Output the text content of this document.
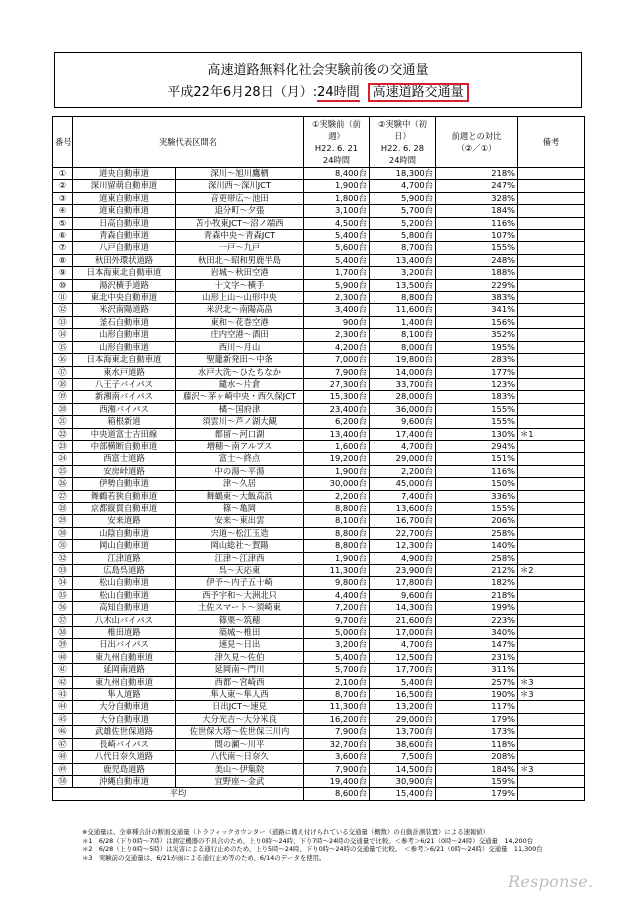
高速道路無料化社会実験前後の交通量
平成22年6月28日（月）:24時間 高速道路交通量
番号	実験代表区間名		①実験前（前週）
H22. 6. 21
24時間	②実験中（初日）
H22. 6. 28
24時間	前週との対比
（②／①）	備考
①	道央自動車道	深川～旭川鷹栖	8,400台	18,300台	218%	
②	深川留萌自動車道	深川西～深川JCT	1,900台	4,700台	247%	
③	道東自動車道	音更帯広～池田	1,800台	5,900台	328%	
④	道東自動車道	追分町～夕張	3,100台	5,700台	184%	
⑤	日高自動車道	苫小牧東JCT～沼ノ端西	4,500台	5,200台	116%	
⑥	青森自動車道	青森中央～青森JCT	5,400台	5,800台	107%	
⑦	八戸自動車道	一戸～九戸	5,600台	8,700台	155%	
⑧	秋田外環状道路	秋田北～昭和男鹿半島	5,400台	13,400台	248%	
⑨	日本海東北自動車道	岩城～秋田空港	1,700台	3,200台	188%	
⑩	湯沢横手道路	十文字～横手	5,900台	13,500台	229%	
⑪	東北中央自動車道	山形上山～山形中央	2,300台	8,800台	383%	
⑫	米沢南陽道路	米沢北～南陽高畠	3,400台	11,600台	341%	
⑬	釜石自動車道	東和～花巻空港	900台	1,400台	156%	
⑭	山形自動車道	庄内空港～酒田	2,300台	8,100台	352%	
⑮	山形自動車道	西川～月山	4,200台	8,000台	195%	
⑯	日本海東北自動車道	聖籠新発田～中条	7,000台	19,800台	283%	
⑰	東水戸道路	水戸大洗～ひたちなか	7,900台	14,000台	177%	
⑱	八王子バイパス	鑓水～片倉	27,300台	33,700台	123%	
⑲	新湘南バイパス	藤沢～茅ヶ崎中央・西久保JCT	15,300台	28,000台	183%	
⑳	西湘バイパス	橘～国府津	23,400台	36,000台	155%	
㉑	箱根新道	須雲川～芦ノ湖大観	6,200台	9,600台	155%	
㉒	中央道富士吉田線	都留～河口湖	13,400台	17,400台	130%	＊1
㉓	中部横断自動車道	増穂～南アルプス	1,600台	4,700台	294%	
㉔	西富士道路	富士～終点	19,200台	29,000台	151%	
㉕	安房峠道路	中の湯～平湯	1,900台	2,200台	116%	
㉖	伊勢自動車道	津～久居	30,000台	45,000台	150%	
㉗	舞鶴若狭自動車道	舞鶴東～大飯高浜	2,200台	7,400台	336%	
㉘	京都縦貫自動車道	篠～亀岡	8,800台	13,600台	155%	
㉙	安来道路	安来～東出雲	8,100台	16,700台	206%	
㉚	山陰自動車道	宍道～松江玉造	8,800台	22,700台	258%	
㉛	岡山自動車道	岡山総社～賀陽	8,800台	12,300台	140%	
㉜	江津道路	江津～江津西	1,900台	4,900台	258%	
㉝	広島呉道路	呉～天応東	11,300台	23,900台	212%	＊2
㉞	松山自動車道	伊予～内子五十崎	9,800台	17,800台	182%	
㉟	松山自動車道	西予宇和～大洲北只	4,400台	9,600台	218%	
㊱	高知自動車道	土佐スマート～須崎東	7,200台	14,300台	199%	
㊲	八木山バイパス	篠栗～筑穂	9,700台	21,600台	223%	
㊳	椎田道路	築城～椎田	5,000台	17,000台	340%	
㊴	日出バイパス	速見～日出	3,200台	4,700台	147%	
㊵	東九州自動車道	津久見～佐伯	5,400台	12,500台	231%	
㊶	延岡南道路	延岡南～門川	5,700台	17,700台	311%	
㊷	東九州自動車道	西都～宮崎西	2,100台	5,400台	257%	＊3
㊸	隼人道路	隼人東～隼人西	8,700台	16,500台	190%	＊3
㊹	大分自動車道	日出JCT～速見	11,300台	13,200台	117%	
㊺	大分自動車道	大分光吉～大分米良	16,200台	29,000台	179%	
㊻	武雄佐世保道路	佐世保大塔～佐世保三川内	7,900台	13,700台	173%	
㊼	長崎バイパス	間の瀬～川平	32,700台	38,600台	118%	
㊽	八代日奈久道路	八代南～日奈久	3,600台	7,500台	208%	
㊾	鹿児島道路	美山～伊集院	7,900台	14,500台	184%	＊3
㊿	沖縄自動車道	宜野座～金武	19,400台	30,900台	159%	
平均			8,600台	15,400台	179%	
※交通量は、全車種合計の断面交通量（トラフィックカウンター（道路に備え付けられている交通量（概数）の自動計測装置）による速報値）
＊1　6/28（下り0時～7時）は測定機器の不具合のため、上り0時～24時、下り7時～24時の交通量で比較。＜参考＞6/21（0時～24時）交通量　14,200台
＊2　6/28（上り0時～5時）は災害による通行止めのため、上り5時～24時、下り0時～24時の交通量で比較。　＜参考＞6/21（0時～24時）交通量　11,300台
＊3　実験前の交通量は、6/21が雨による通行止め等のため、6/14のデータを使用。
Response.
